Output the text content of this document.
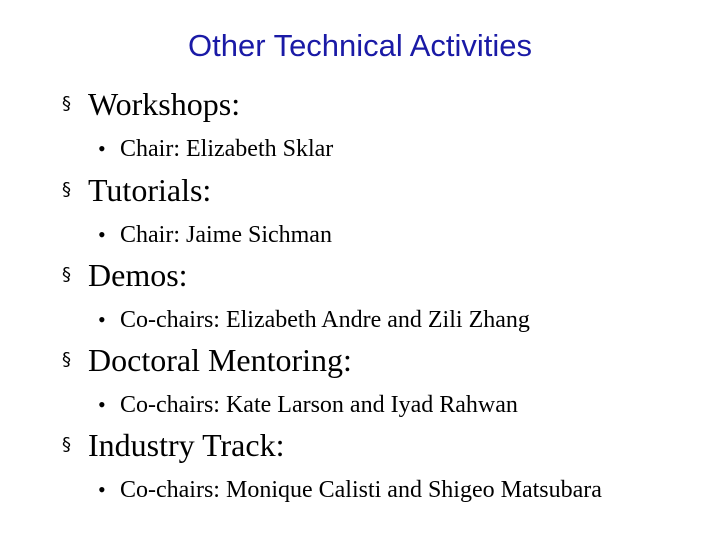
Other Technical Activities
§ Workshops:
• Chair: Elizabeth Sklar
§ Tutorials:
• Chair: Jaime Sichman
§ Demos:
• Co-chairs: Elizabeth Andre and Zili Zhang
§ Doctoral Mentoring:
• Co-chairs: Kate Larson and Iyad Rahwan
§ Industry Track:
• Co-chairs: Monique Calisti and Shigeo Matsubara
